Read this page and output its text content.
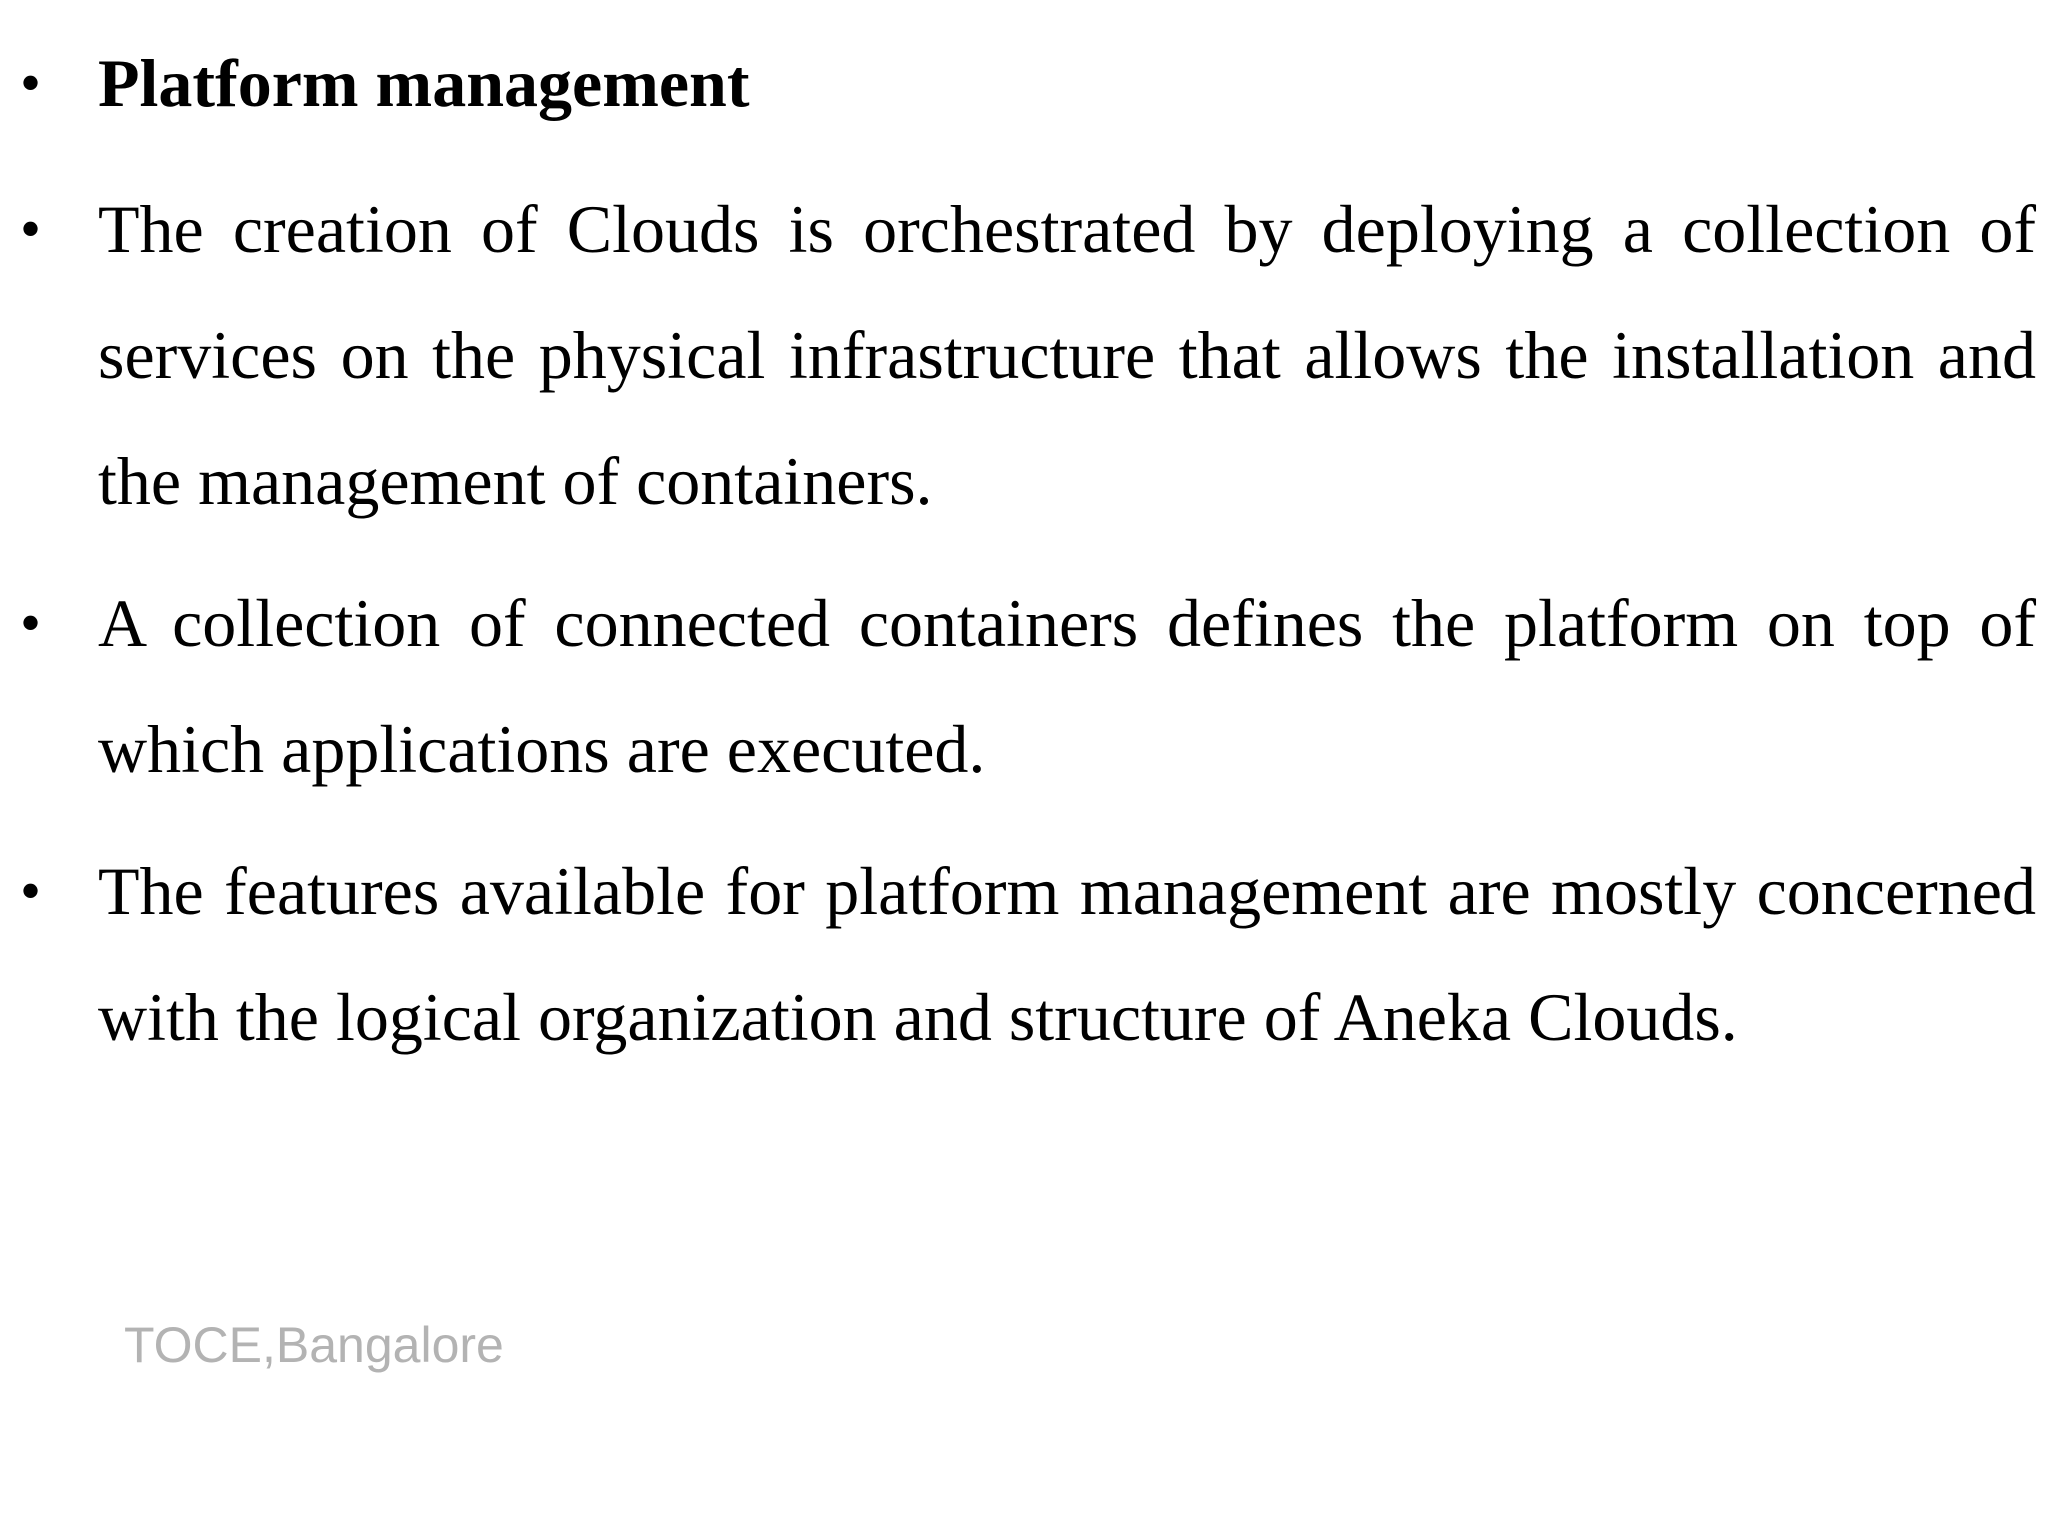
• Platform management
• The creation of Clouds is orchestrated by deploying a collection of services on the physical infrastructure that allows the installation and the management of containers.
• A collection of connected containers defines the platform on top of which applications are executed.
• The features available for platform management are mostly concerned with the logical organization and structure of Aneka Clouds.
TOCE,Bangalore
